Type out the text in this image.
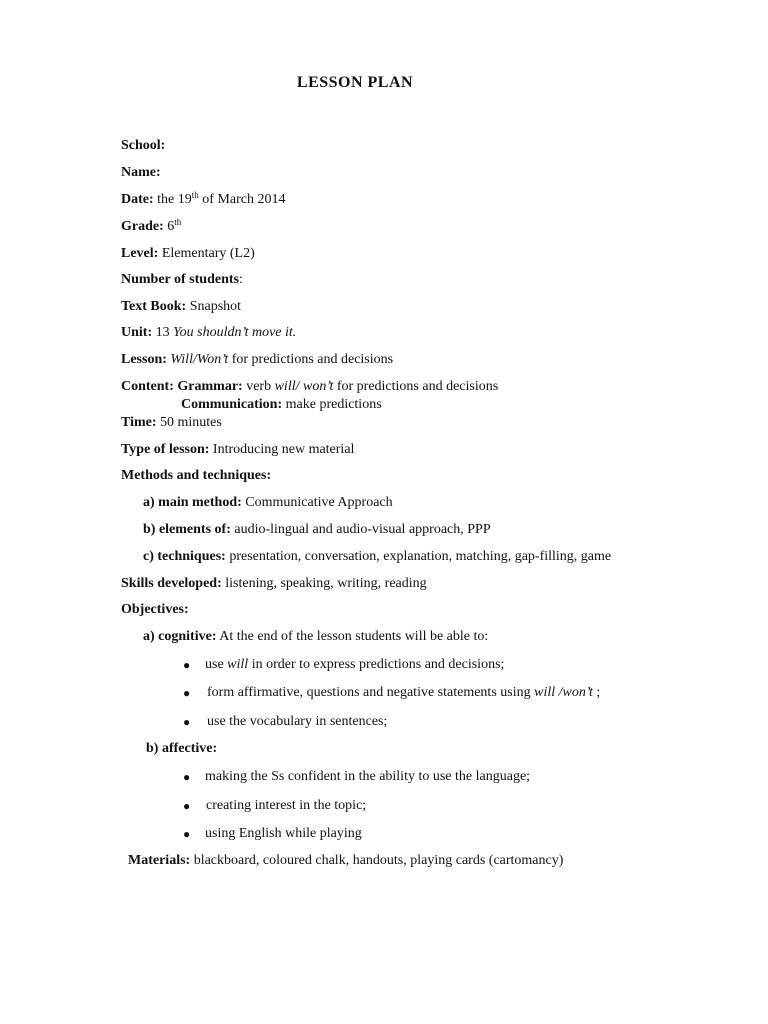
LESSON PLAN
School:
Name:
Date: the 19th of March 2014
Grade: 6th
Level: Elementary (L2)
Number of students:
Text Book: Snapshot
Unit: 13 You shouldn’t move it.
Lesson: Will/Won’t for predictions and decisions
Content: Grammar: verb will/ won’t for predictions and decisions
Communication: make predictions
Time: 50 minutes
Type of lesson: Introducing new material
Methods and techniques:
a) main method: Communicative Approach
b) elements of: audio-lingual and audio-visual approach, PPP
c) techniques: presentation, conversation, explanation, matching, gap-filling, game
Skills developed: listening, speaking, writing, reading
Objectives:
a) cognitive: At the end of the lesson students will be able to:
● use will in order to express predictions and decisions;
● form affirmative, questions and negative statements using will /won’t ;
● use the vocabulary in sentences;
b) affective:
● making the Ss confident in the ability to use the language;
● creating interest in the topic;
● using English while playing
Materials: blackboard, coloured chalk, handouts, playing cards (cartomancy)
